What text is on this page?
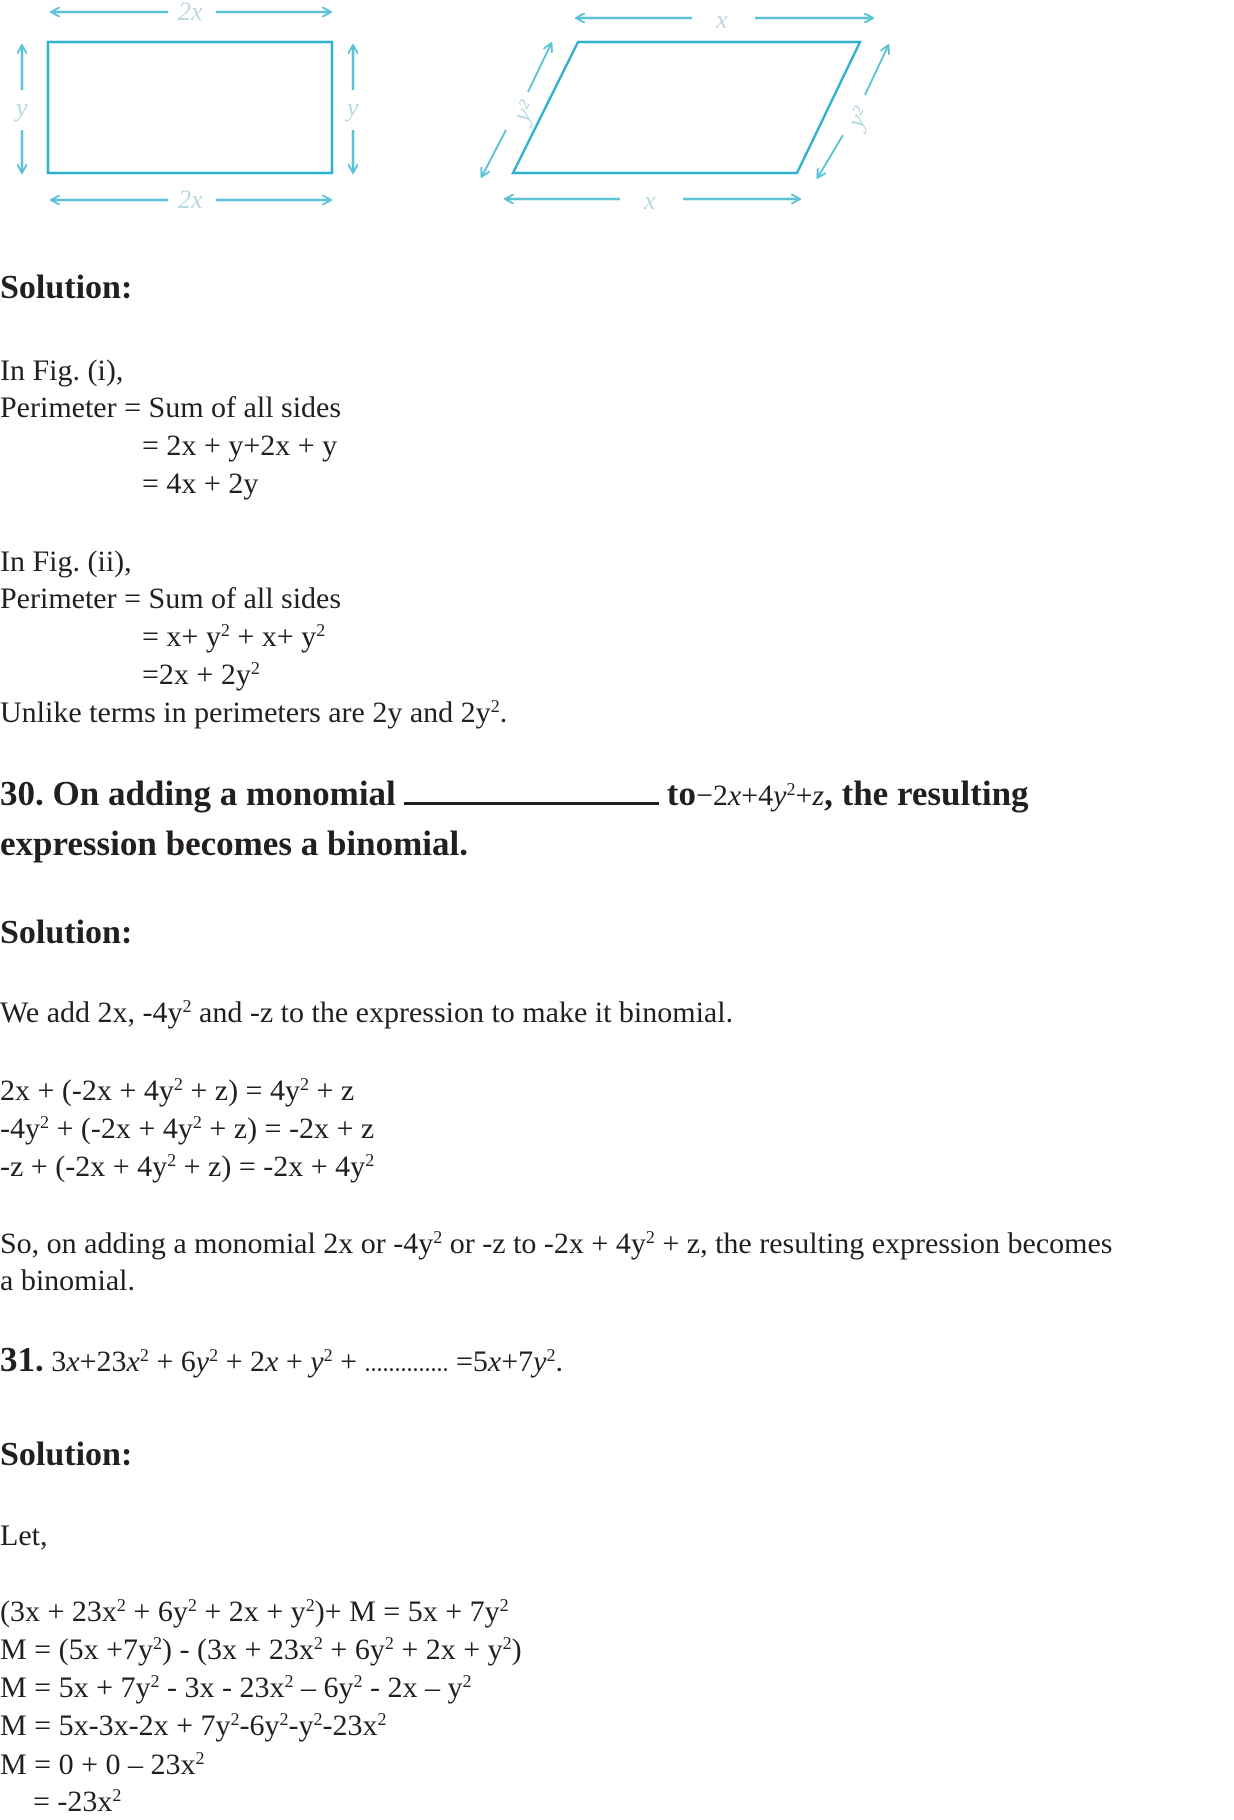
2x
2x
y	y
x
x
y²	y²
Solution:
In Fig. (i),
Perimeter = Sum of all sides
= 2x + y+2x + y
= 4x + 2y
In Fig. (ii),
Perimeter = Sum of all sides
= $x+ y^2 + x+ y^2$
$=2x + 2y^2$
Unlike terms in perimeters are 2y and $2y^2$.
30. On adding a monomial	$to-2x+4y^2+z$, the resulting
expression becomes a binomial.
Solution:
We add 2x, $-4y^2$ and -z to the expression to make it binomial.
$2x + (-2x + 4y^2 + z) = 4y^2 + z$
$-4y^2 + (-2x + 4y^2 + z) = -2x + z$
$-z + (-2x + 4y^2 + z) = -2x + 4y^2$
So, on adding a monomial 2x or $-4y^2$ or -z to $-2x + 4y^2 + z$, the resulting expression becomes
a binomial.
31. $3x+23x^2 + 6y^2 + 2x + y^2$ + .............. $=5x+7y^2$.
Solution:
Let,
$(3x + 23x^2 + 6y^2 + 2x + y^2)+ M = 5x + 7y^2$
$M = (5x +7y^2) - (3x + 23x^2 + 6y^2 + 2x + y^2)$
$M = 5x + 7y^2 - 3x - 23x^2 - 6y^2 - 2x - y^2$
$M = 5x-3x-2x + 7y^2-6y^2-y^2-23x^2$
$M = 0 + 0 - 23x^2$
= $-23x^2$
